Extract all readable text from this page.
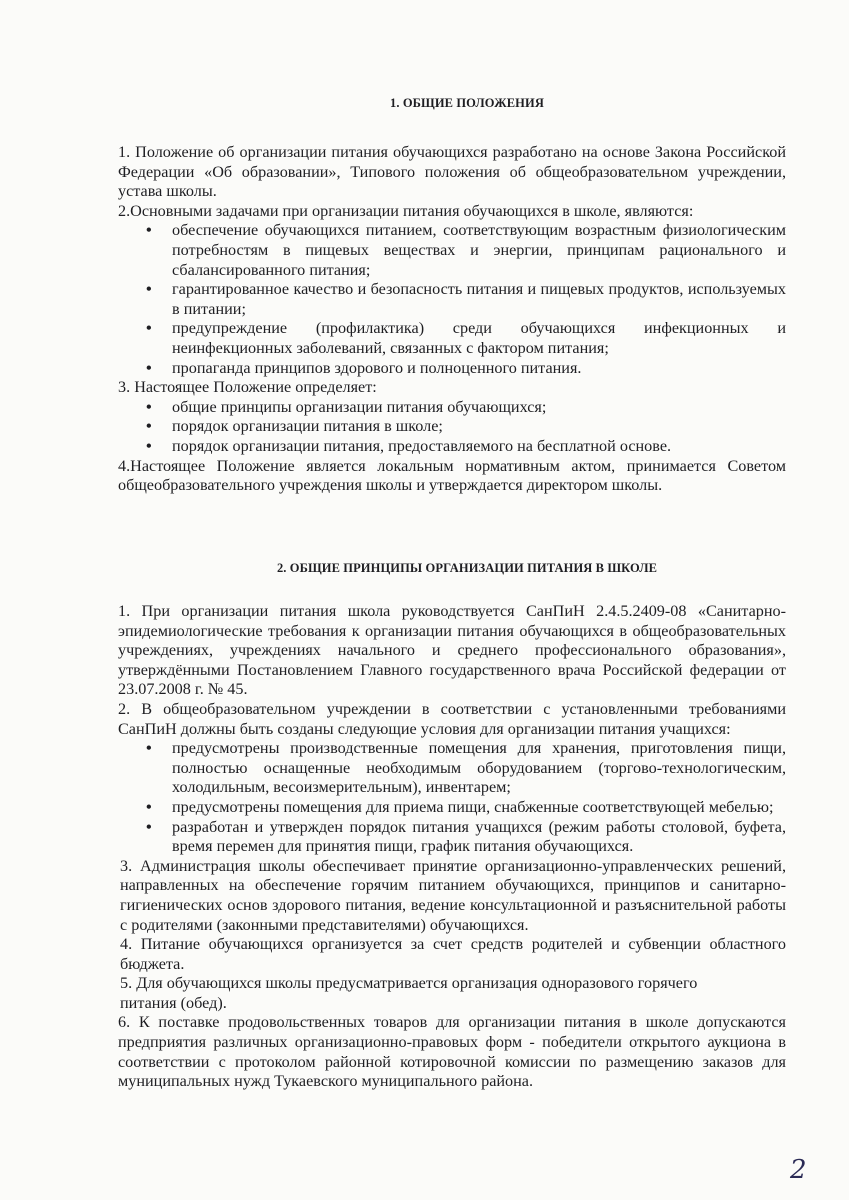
1. ОБЩИЕ ПОЛОЖЕНИЯ

1. Положение об организации питания обучающихся разработано на основе Закона Российской Федерации «Об образовании», Типового положения об общеобразовательном учреждении, устава школы.

2.Основными задачами при организации питания обучающихся в школе, являются:

• обеспечение обучающихся питанием, соответствующим возрастным физиологическим потребностям в пищевых веществах и энергии, принципам рационального и сбалансированного питания;
• гарантированное качество и безопасность питания и пищевых продуктов, используемых в питании;
• предупреждение (профилактика) среди обучающихся инфекционных и неинфекционных заболеваний, связанных с фактором питания;
• пропаганда принципов здорового и полноценного питания.

3. Настоящее Положение определяет:

• общие принципы организации питания обучающихся;
• порядок организации питания в школе;
• порядок организации питания, предоставляемого на бесплатной основе.

4.Настоящее Положение является локальным нормативным актом, принимается Советом общеобразовательного учреждения школы и утверждается директором школы.

2. ОБЩИЕ ПРИНЦИПЫ ОРГАНИЗАЦИИ ПИТАНИЯ В ШКОЛЕ

1. При организации питания школа руководствуется СанПиН 2.4.5.2409-08 «Санитарно-эпидемиологические требования к организации питания обучающихся в общеобразовательных учреждениях, учреждениях начального и среднего профессионального образования», утверждёнными Постановлением Главного государственного врача Российской федерации от 23.07.2008 г. № 45.

2. В общеобразовательном учреждении в соответствии с установленными требованиями СанПиН должны быть созданы следующие условия для организации питания учащихся:

• предусмотрены производственные помещения для хранения, приготовления пищи, полностью оснащенные необходимым оборудованием (торгово-технологическим, холодильным, весоизмерительным), инвентарем;
• предусмотрены помещения для приема пищи, снабженные соответствующей мебелью;
• разработан и утвержден порядок питания учащихся (режим работы столовой, буфета, время перемен для принятия пищи, график питания обучающихся.

3. Администрация школы обеспечивает принятие организационно-управленческих решений, направленных на обеспечение горячим питанием обучающихся, принципов и санитарно-гигиенических основ здорового питания, ведение консультационной и разъяснительной работы с родителями (законными представителями) обучающихся.

4. Питание обучающихся организуется за счет средств родителей и субвенции областного бюджета.

5. Для обучающихся школы предусматривается организация одноразового горячего
питания (обед).

6. К поставке продовольственных товаров для организации питания в школе допускаются предприятия различных организационно-правовых форм - победители открытого аукциона в соответствии с протоколом районной котировочной комиссии по размещению заказов для муниципальных нужд Тукаевского муниципального района.

2
